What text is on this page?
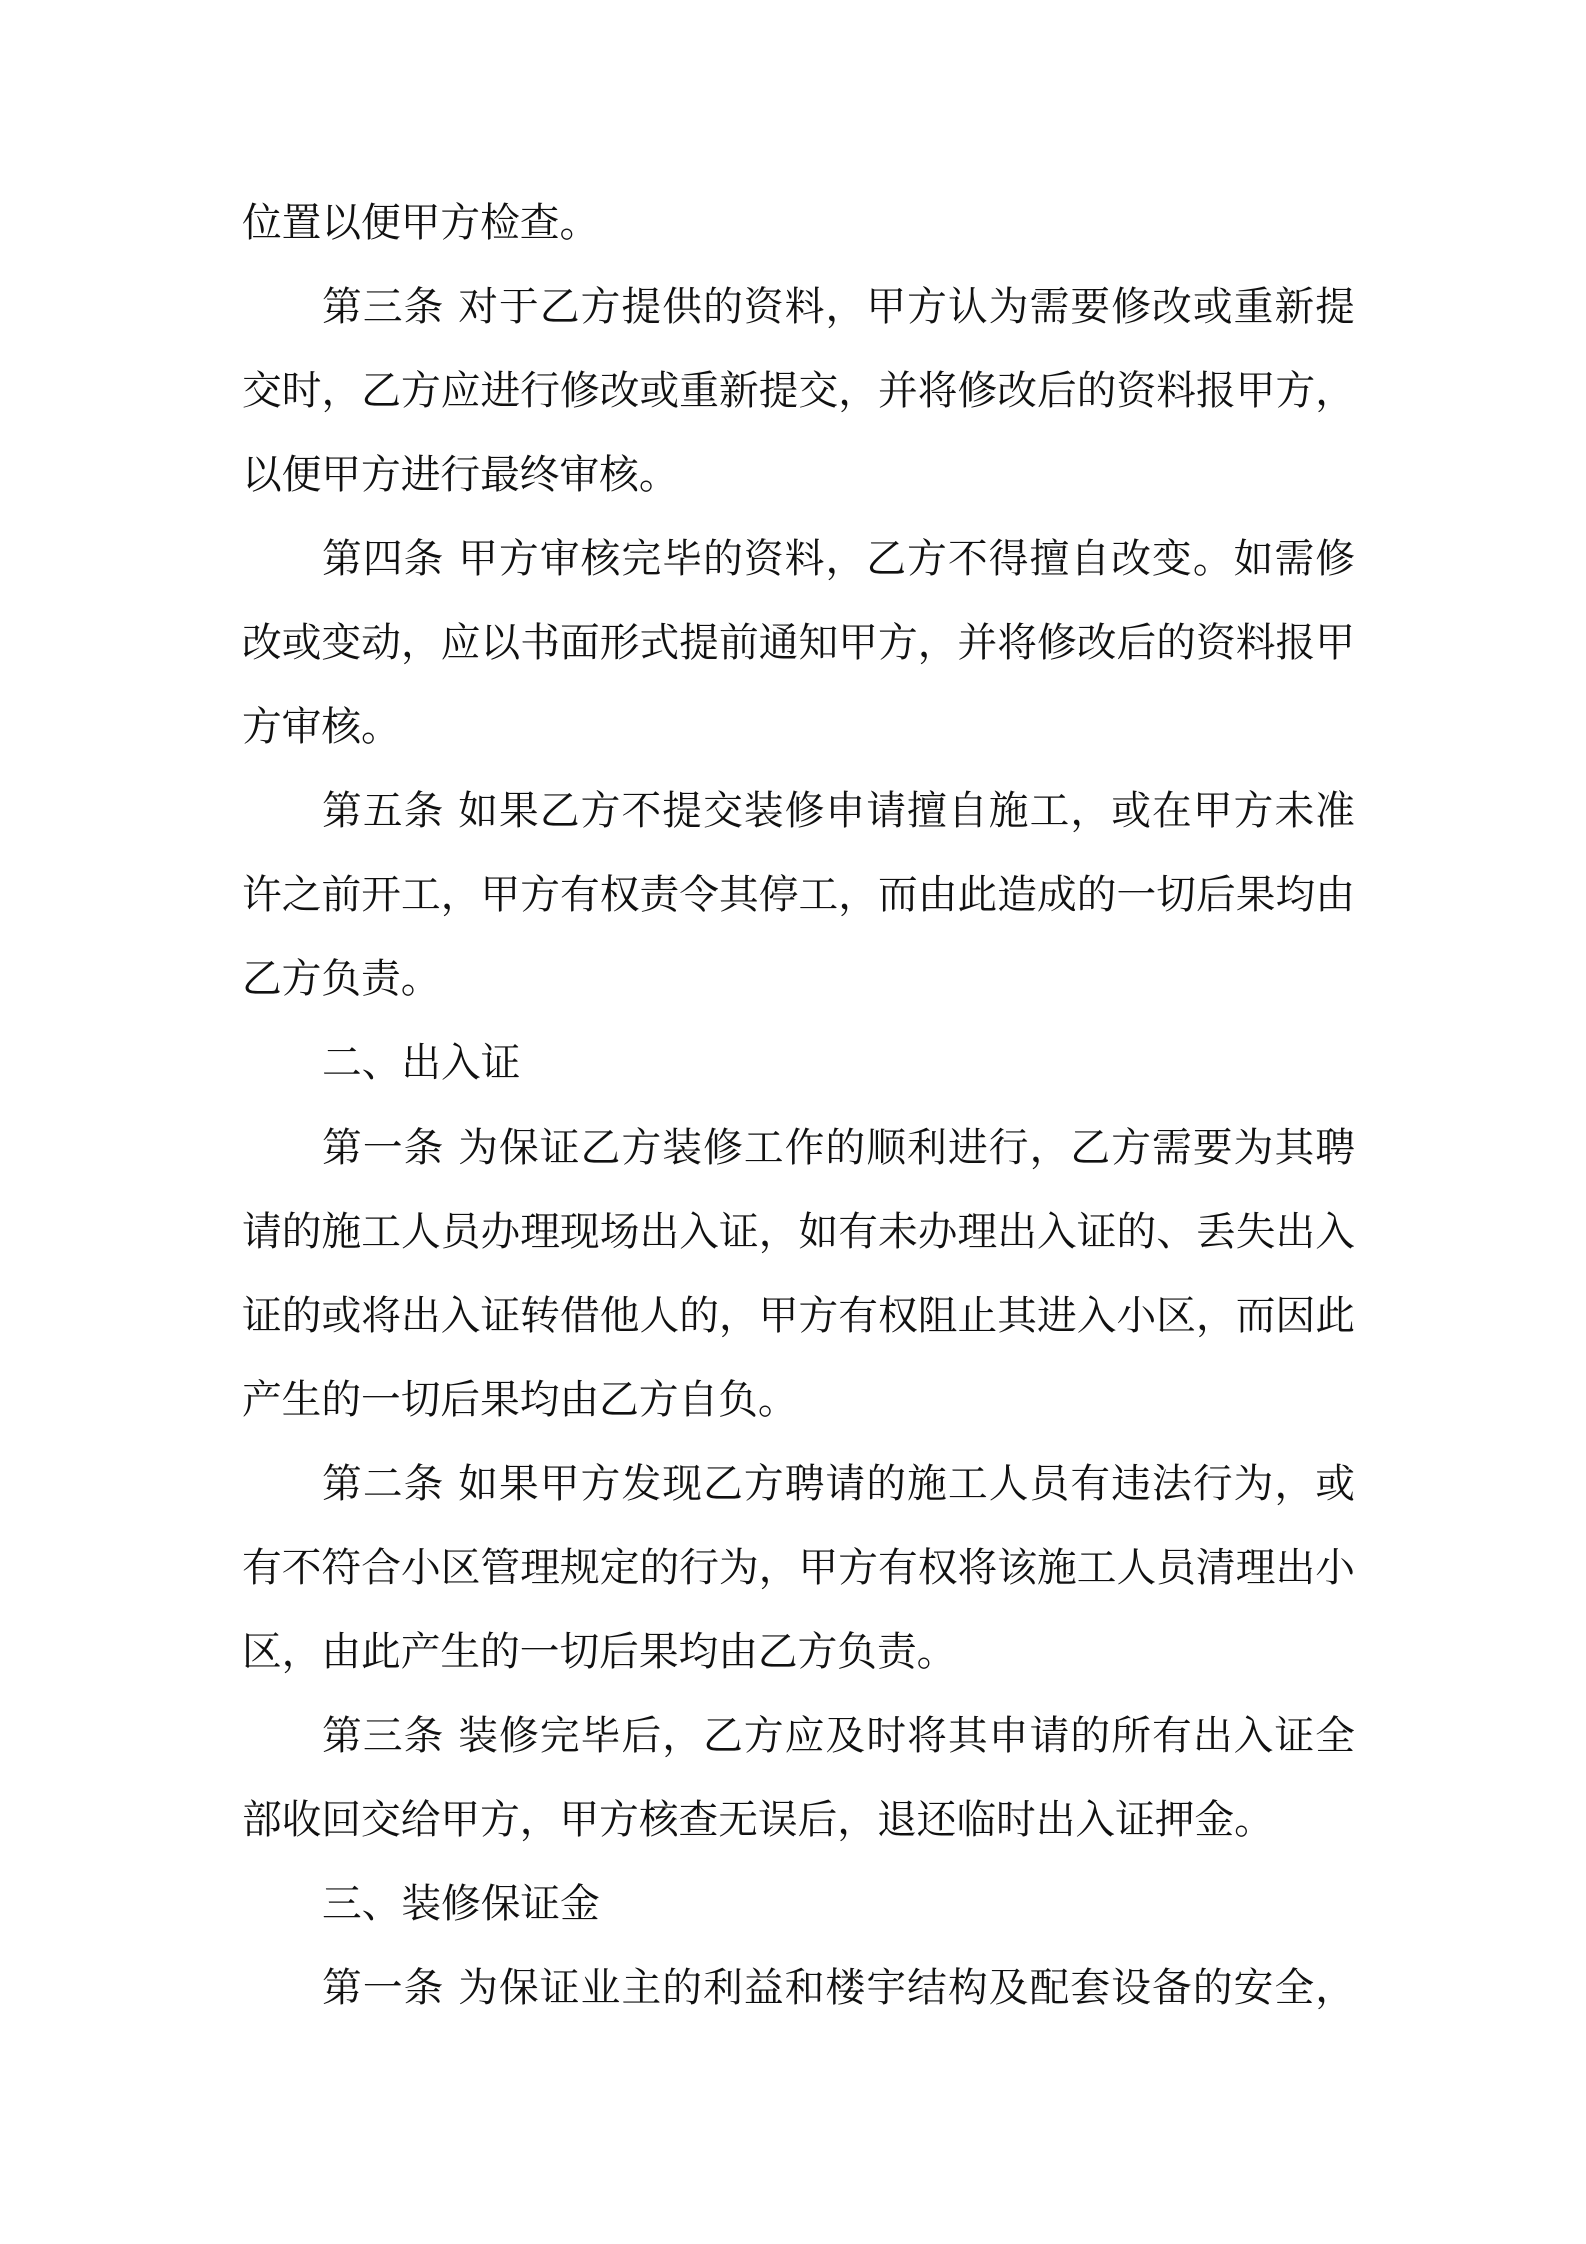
位置以便甲方检查。
第三条 对于乙方提供的资料，甲方认为需要修改或重新提
交时，乙方应进行修改或重新提交，并将修改后的资料报甲方，
以便甲方进行最终审核。
第四条 甲方审核完毕的资料，乙方不得擅自改变。如需修
改或变动，应以书面形式提前通知甲方，并将修改后的资料报甲
方审核。
第五条 如果乙方不提交装修申请擅自施工，或在甲方未准
许之前开工，甲方有权责令其停工，而由此造成的一切后果均由
乙方负责。
二、出入证
第一条 为保证乙方装修工作的顺利进行，乙方需要为其聘
请的施工人员办理现场出入证，如有未办理出入证的、丢失出入
证的或将出入证转借他人的，甲方有权阻止其进入小区，而因此
产生的一切后果均由乙方自负。
第二条 如果甲方发现乙方聘请的施工人员有违法行为，或
有不符合小区管理规定的行为，甲方有权将该施工人员清理出小
区，由此产生的一切后果均由乙方负责。
第三条 装修完毕后，乙方应及时将其申请的所有出入证全
部收回交给甲方，甲方核查无误后，退还临时出入证押金。
三、装修保证金
第一条 为保证业主的利益和楼宇结构及配套设备的安全，
